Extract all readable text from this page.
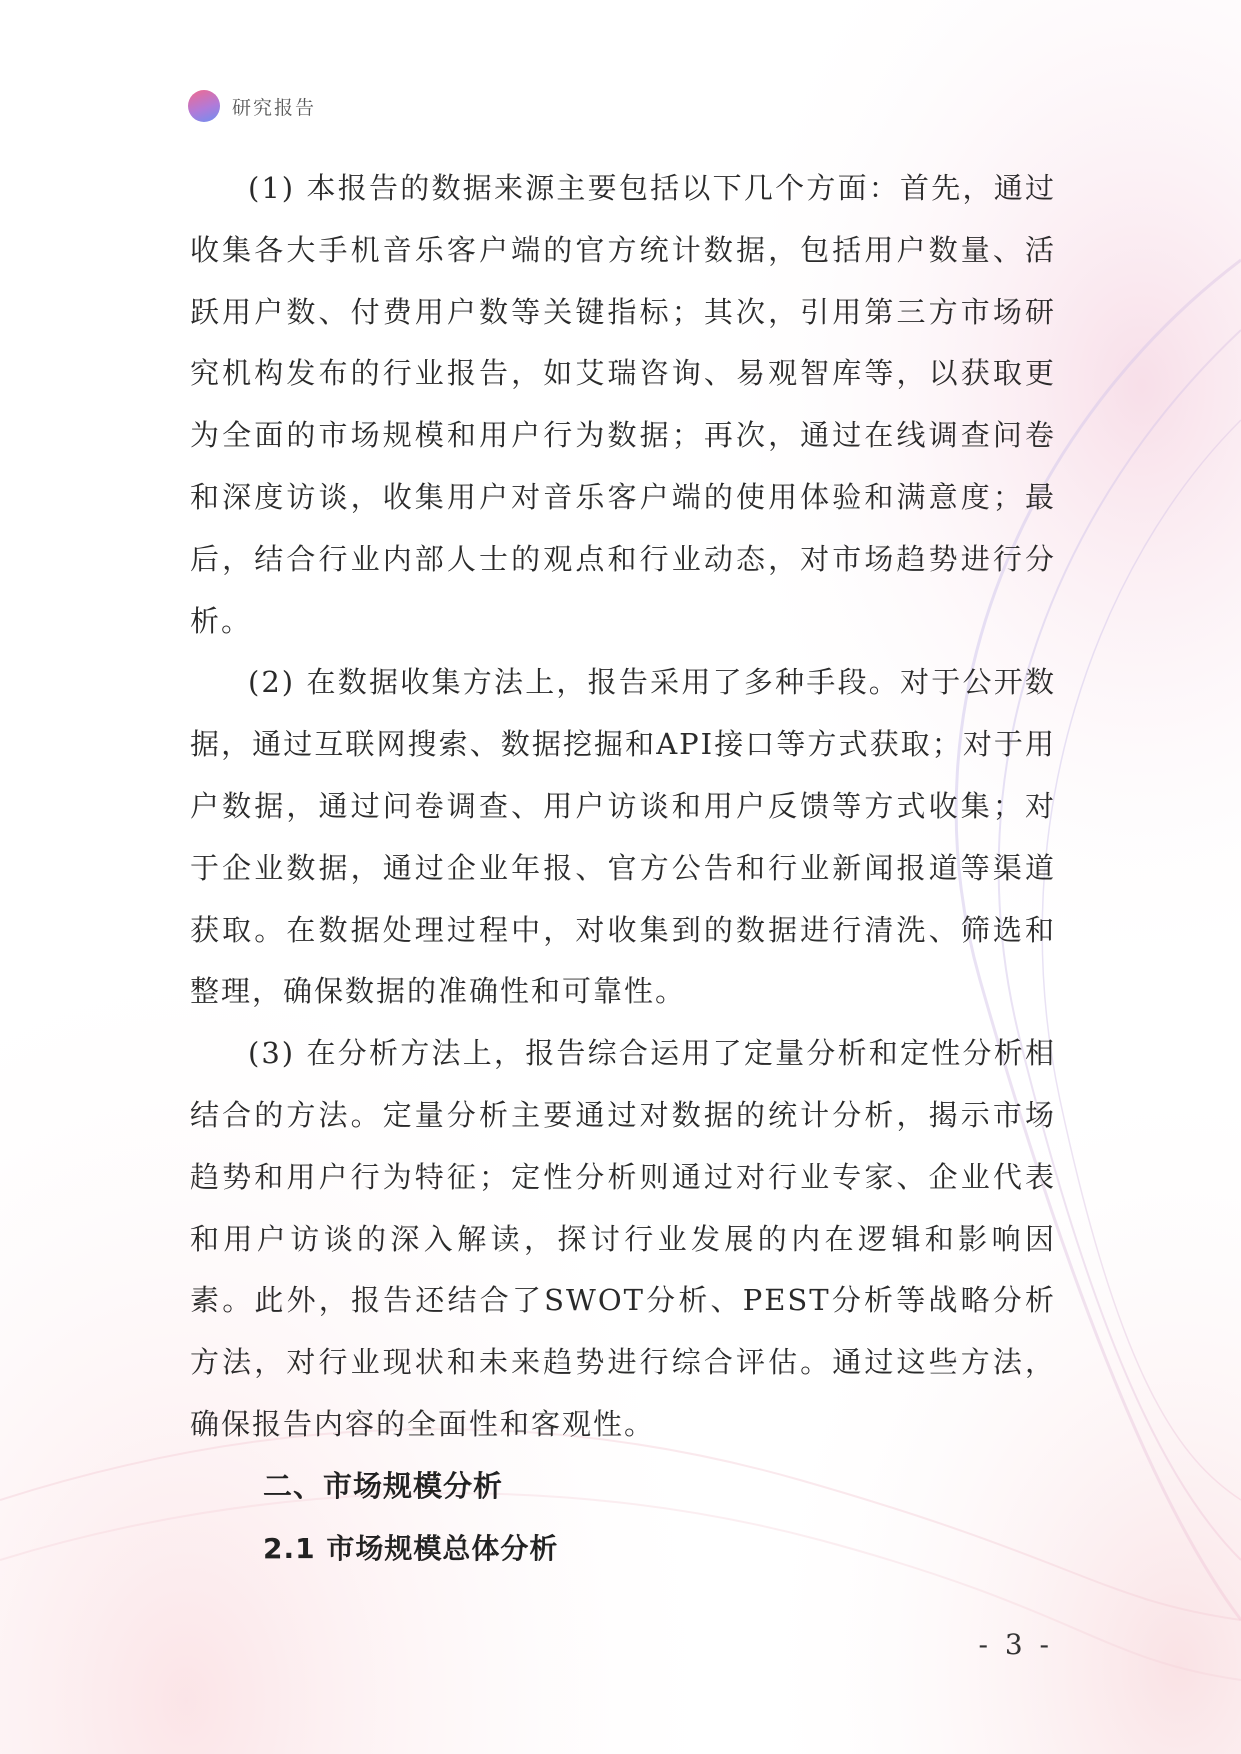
研究报告

(1) 本报告的数据来源主要包括以下几个方面：首先，通过收集各大手机音乐客户端的官方统计数据，包括用户数量、活跃用户数、付费用户数等关键指标；其次，引用第三方市场研究机构发布的行业报告，如艾瑞咨询、易观智库等，以获取更为全面的市场规模和用户行为数据；再次，通过在线调查问卷和深度访谈，收集用户对音乐客户端的使用体验和满意度；最后，结合行业内部人士的观点和行业动态，对市场趋势进行分析。

(2) 在数据收集方法上，报告采用了多种手段。对于公开数据，通过互联网搜索、数据挖掘和API接口等方式获取；对于用户数据，通过问卷调查、用户访谈和用户反馈等方式收集；对于企业数据，通过企业年报、官方公告和行业新闻报道等渠道获取。在数据处理过程中，对收集到的数据进行清洗、筛选和整理，确保数据的准确性和可靠性。

(3) 在分析方法上，报告综合运用了定量分析和定性分析相结合的方法。定量分析主要通过对数据的统计分析，揭示市场趋势和用户行为特征；定性分析则通过对行业专家、企业代表和用户访谈的深入解读，探讨行业发展的内在逻辑和影响因素。此外，报告还结合了SWOT分析、PEST分析等战略分析方法，对行业现状和未来趋势进行综合评估。通过这些方法，确保报告内容的全面性和客观性。

二、市场规模分析
2.1 市场规模总体分析
- 3 -
